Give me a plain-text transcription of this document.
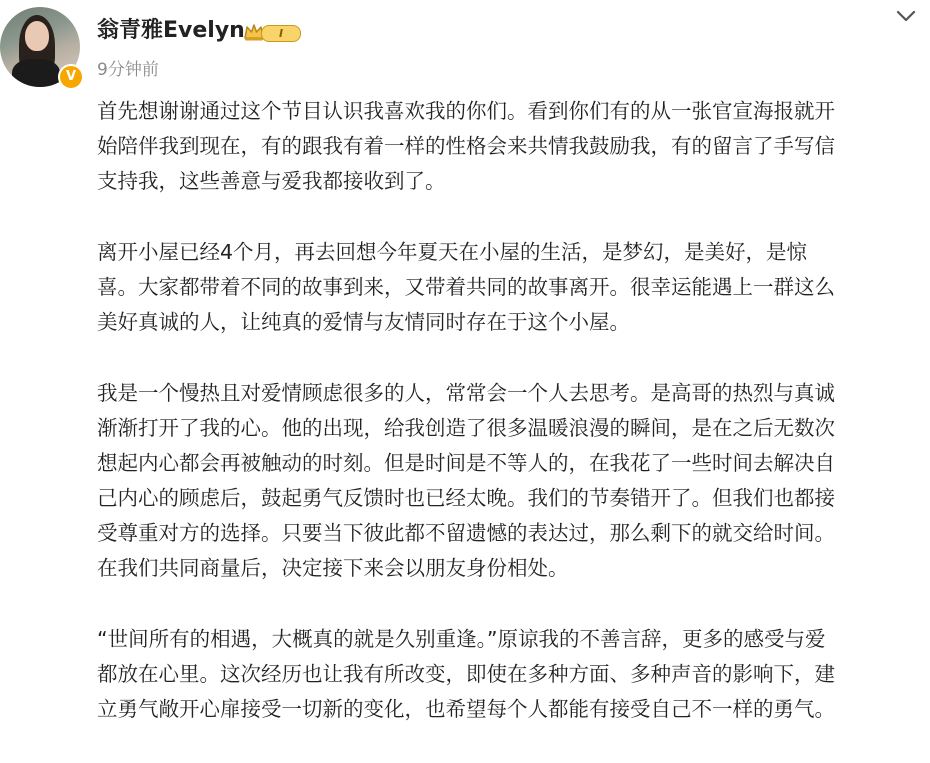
V
翁青雅Evelyn	I
9分钟前

首先想谢谢通过这个节目认识我喜欢我的你们。看到你们有的从一张官宣海报就开
始陪伴我到现在，有的跟我有着一样的性格会来共情我鼓励我，有的留言了手写信
支持我，这些善意与爱我都接收到了。

离开小屋已经4个月，再去回想今年夏天在小屋的生活，是梦幻，是美好，是惊
喜。大家都带着不同的故事到来，又带着共同的故事离开。很幸运能遇上一群这么
美好真诚的人，让纯真的爱情与友情同时存在于这个小屋。

我是一个慢热且对爱情顾虑很多的人，常常会一个人去思考。是高哥的热烈与真诚
渐渐打开了我的心。他的出现，给我创造了很多温暖浪漫的瞬间，是在之后无数次
想起内心都会再被触动的时刻。但是时间是不等人的，在我花了一些时间去解决自
己内心的顾虑后，鼓起勇气反馈时也已经太晚。我们的节奏错开了。但我们也都接
受尊重对方的选择。只要当下彼此都不留遗憾的表达过，那么剩下的就交给时间。
在我们共同商量后，决定接下来会以朋友身份相处。

“世间所有的相遇，大概真的就是久别重逢。”原谅我的不善言辞，更多的感受与爱
都放在心里。这次经历也让我有所改变，即使在多种方面、多种声音的影响下，建
立勇气敞开心扉接受一切新的变化，也希望每个人都能有接受自己不一样的勇气。
